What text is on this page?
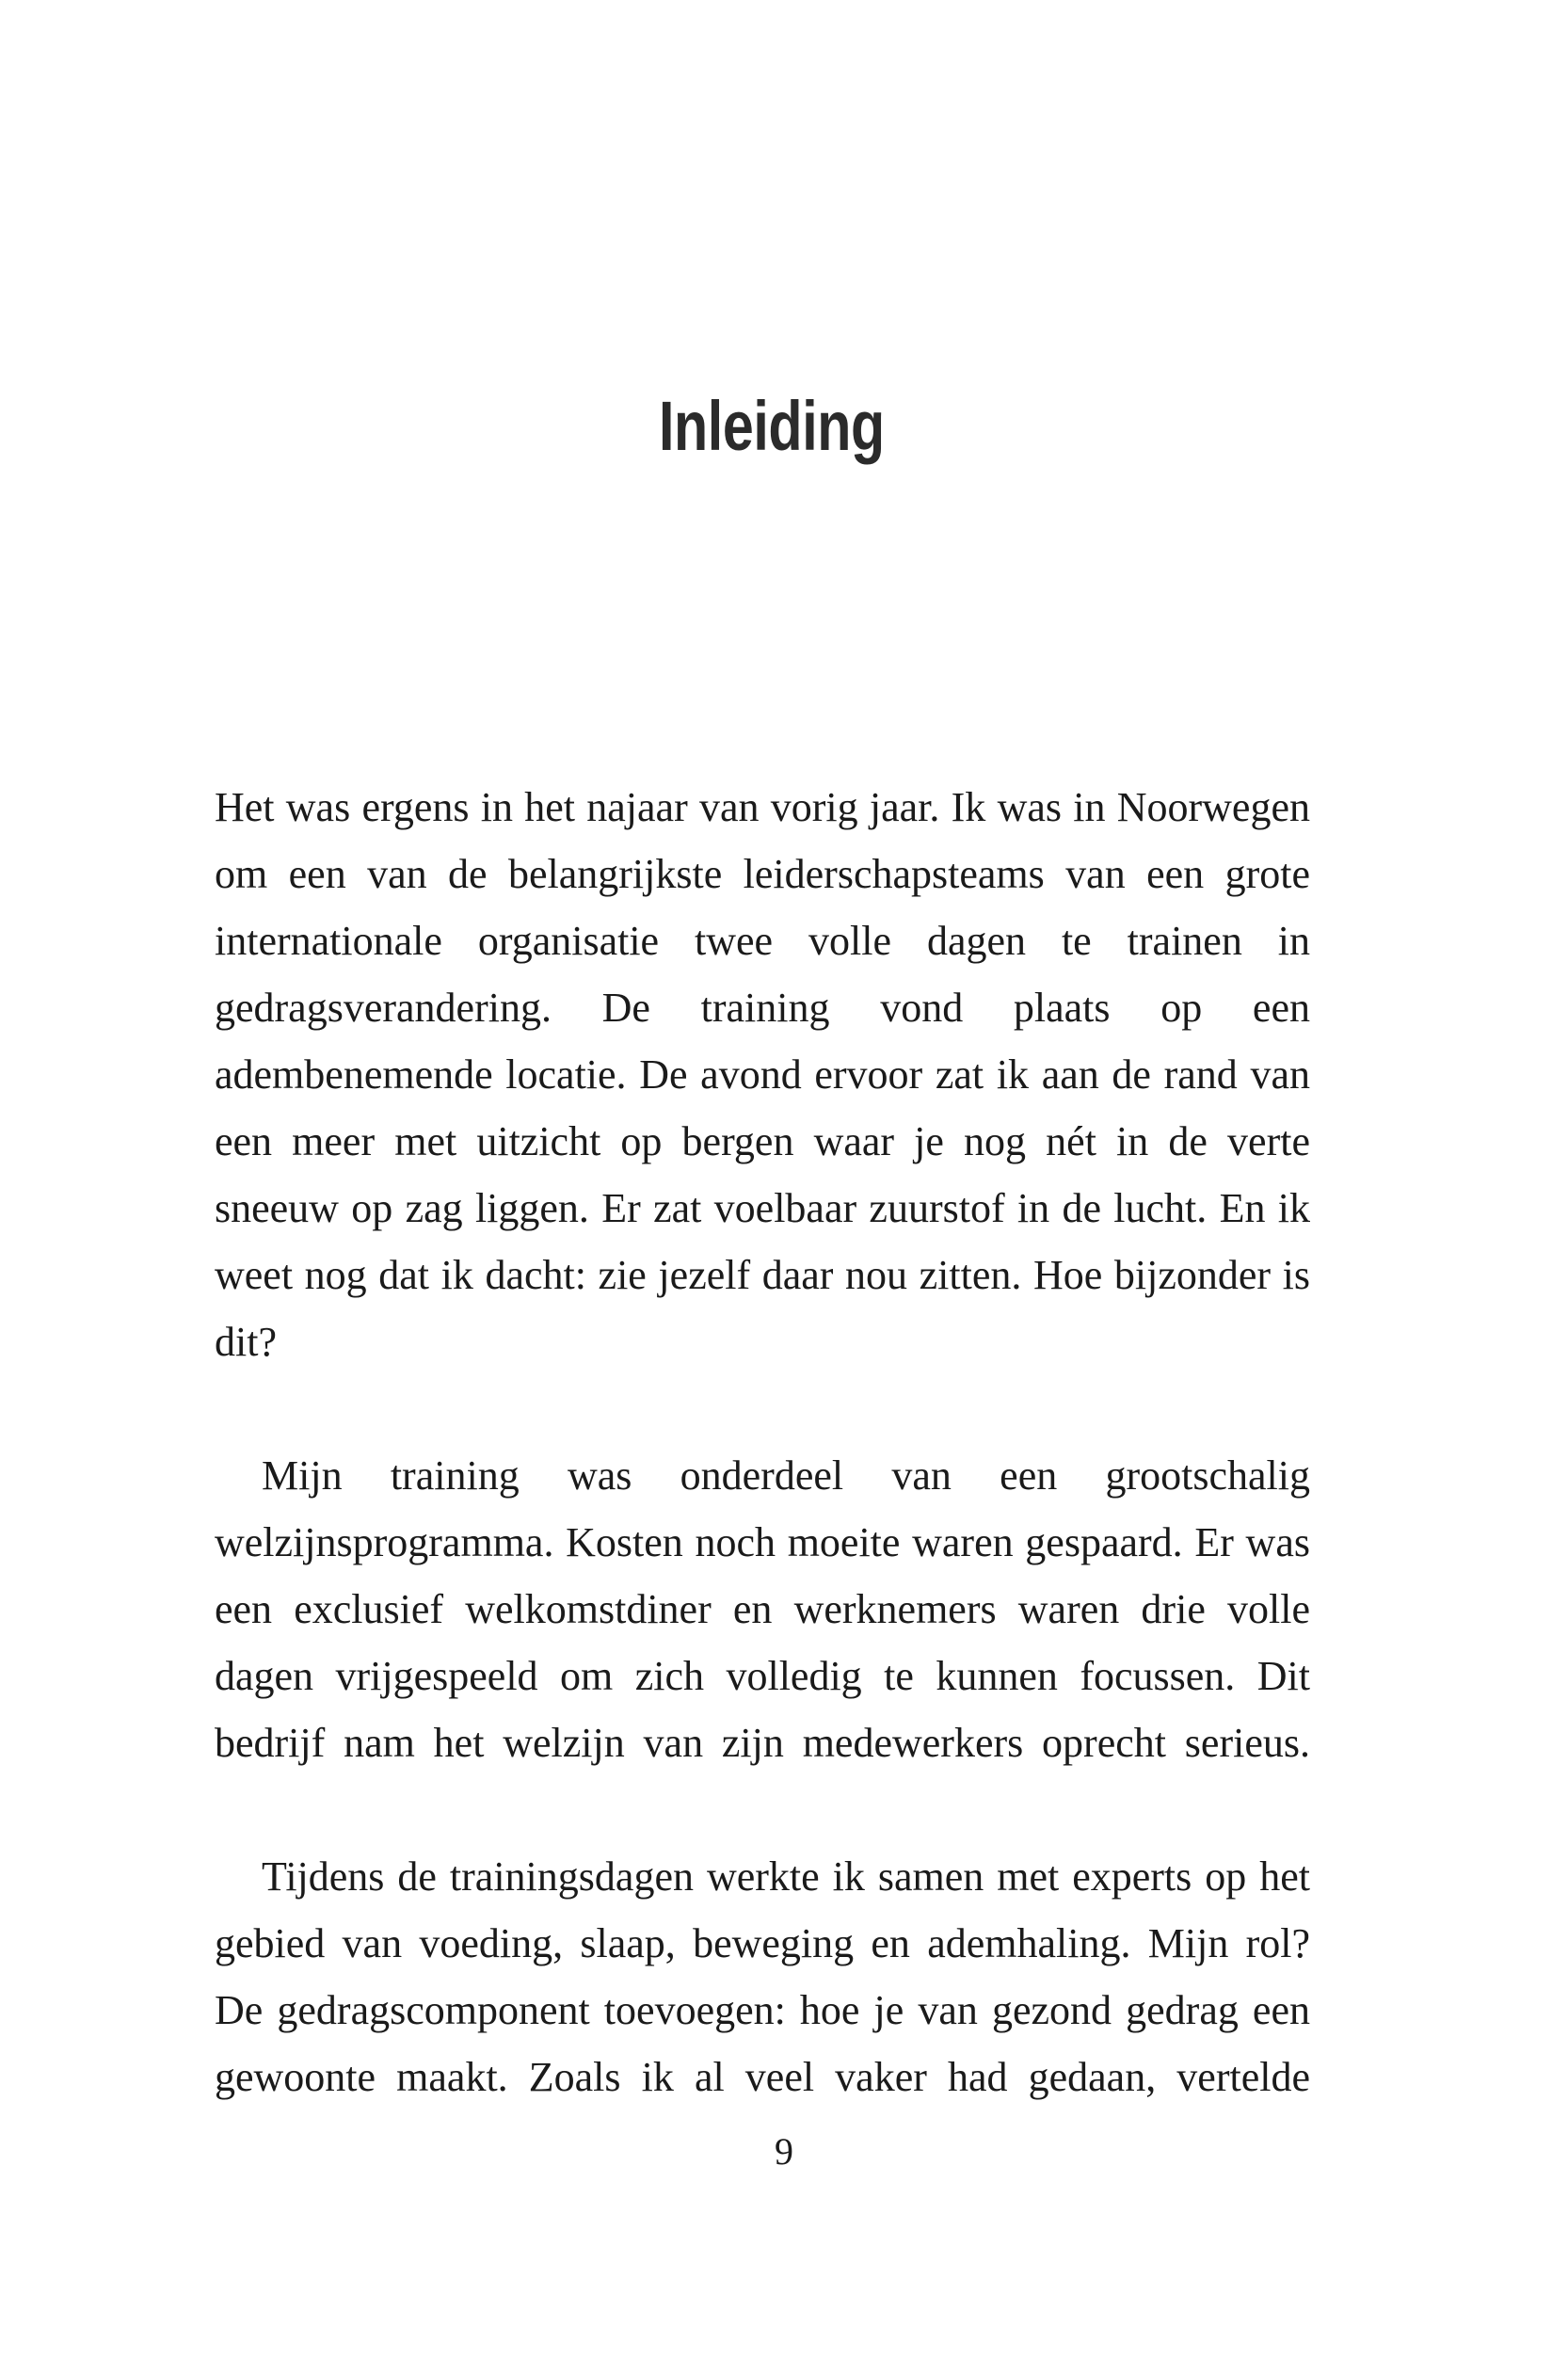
Inleiding

Het was ergens in het najaar van vorig jaar. Ik was in Noorwegen om een van de belangrijkste leiderschapsteams van een grote internationale organisatie twee volle dagen te trainen in gedragsverandering. De training vond plaats op een adembenemende locatie. De avond ervoor zat ik aan de rand van een meer met uitzicht op bergen waar je nog nét in de verte sneeuw op zag liggen. Er zat voelbaar zuurstof in de lucht. En ik weet nog dat ik dacht: zie jezelf daar nou zitten. Hoe bijzonder is dit?

Mijn training was onderdeel van een grootschalig welzijnsprogramma. Kosten noch moeite waren gespaard. Er was een exclusief welkomstdiner en werknemers waren drie volle dagen vrijgespeeld om zich volledig te kunnen focussen. Dit bedrijf nam het welzijn van zijn medewerkers oprecht serieus.

Tijdens de trainingsdagen werkte ik samen met experts op het gebied van voeding, slaap, beweging en ademhaling. Mijn rol? De gedragscomponent toevoegen: hoe je van gezond gedrag een gewoonte maakt. Zoals ik al veel vaker had gedaan, vertelde

9
